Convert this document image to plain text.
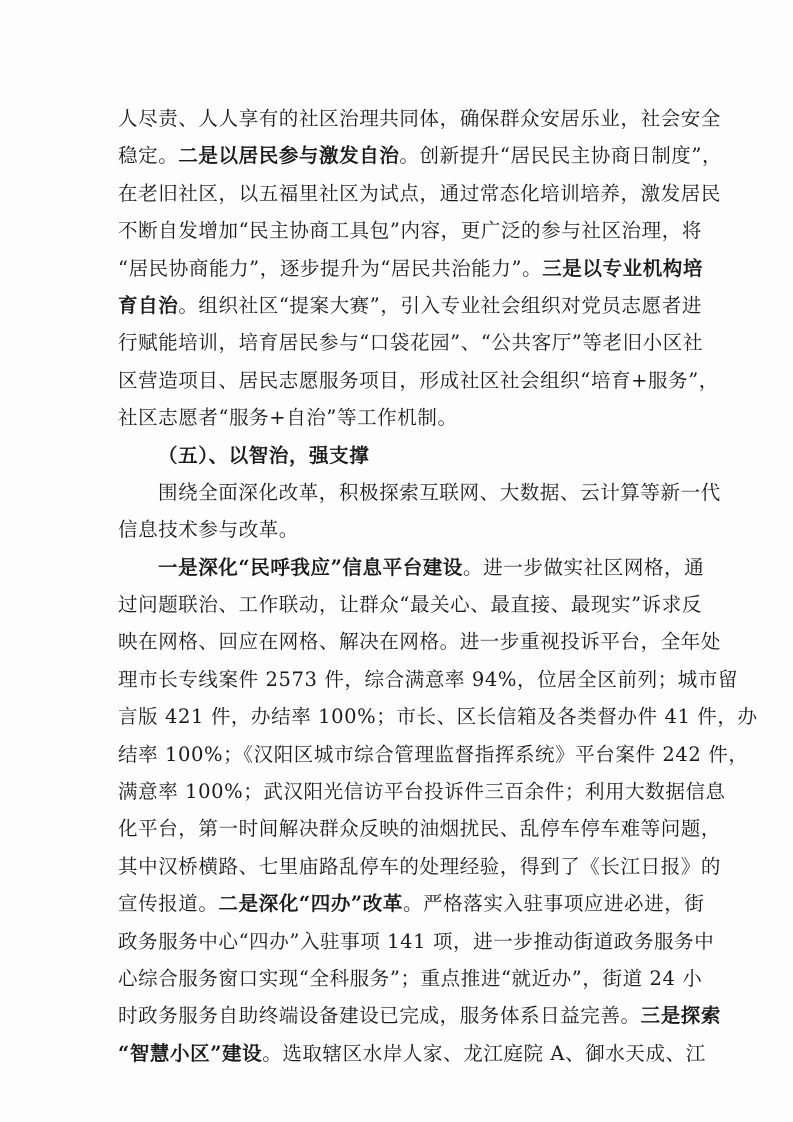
人尽责、人人享有的社区治理共同体，确保群众安居乐业，社会安全
稳定。二是以居民参与激发自治。创新提升“居民民主协商日制度”，
在老旧社区，以五福里社区为试点，通过常态化培训培养，激发居民
不断自发增加“民主协商工具包”内容，更广泛的参与社区治理，将
“居民协商能力”，逐步提升为“居民共治能力”。三是以专业机构培
育自治。组织社区“提案大赛”，引入专业社会组织对党员志愿者进
行赋能培训，培育居民参与“口袋花园”、“公共客厅”等老旧小区社
区营造项目、居民志愿服务项目，形成社区社会组织“培育+服务”，
社区志愿者“服务+自治”等工作机制。
（五）、以智治，强支撑
围绕全面深化改革，积极探索互联网、大数据、云计算等新一代
信息技术参与改革。
一是深化“民呼我应”信息平台建设。进一步做实社区网格，通
过问题联治、工作联动，让群众“最关心、最直接、最现实”诉求反
映在网格、回应在网格、解决在网格。进一步重视投诉平台，全年处
理市长专线案件 2573 件，综合满意率 94%，位居全区前列；城市留
言版 421 件，办结率 100%；市长、区长信箱及各类督办件 41 件，办
结率 100%；《汉阳区城市综合管理监督指挥系统》平台案件 242 件，
满意率 100%；武汉阳光信访平台投诉件三百余件；利用大数据信息
化平台，第一时间解决群众反映的油烟扰民、乱停车停车难等问题，
其中汉桥横路、七里庙路乱停车的处理经验，得到了《长江日报》的
宣传报道。二是深化“四办”改革。严格落实入驻事项应进必进，街
政务服务中心“四办”入驻事项 141 项，进一步推动街道政务服务中
心综合服务窗口实现“全科服务”；重点推进“就近办”，街道 24 小
时政务服务自助终端设备建设已完成，服务体系日益完善。三是探索
“智慧小区”建设。选取辖区水岸人家、龙江庭院 A、御水天成、江
